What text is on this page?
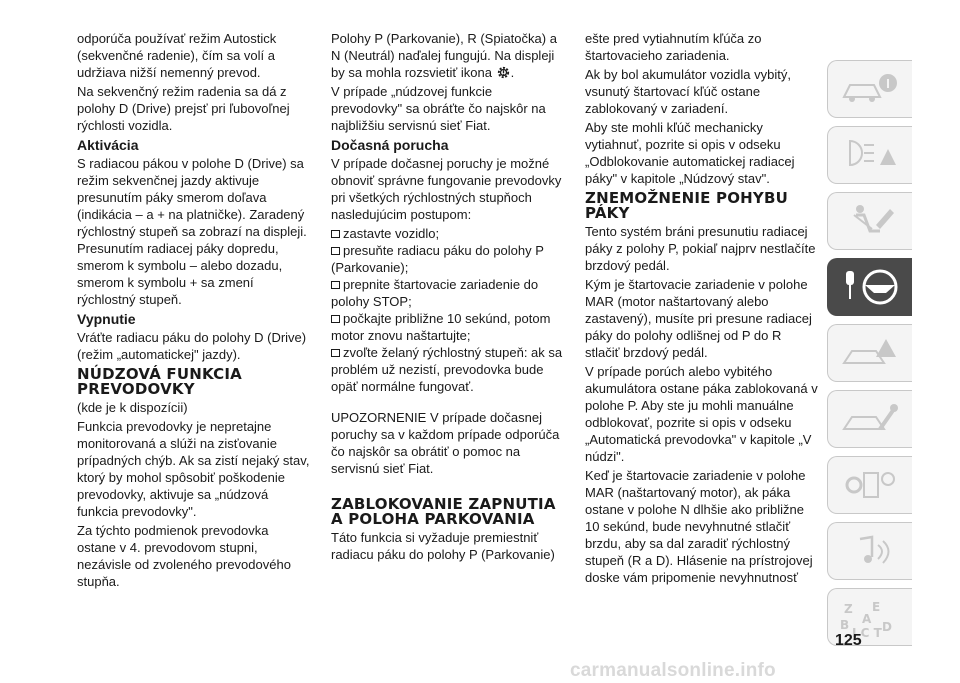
odporúča používať režim Autostick (sekvenčné radenie), čím sa volí a udržiava nižší nemenný prevod.

Na sekvenčný režim radenia sa dá z polohy D (Drive) prejsť pri ľubovoľnej rýchlosti vozidla.

Aktivácia

S radiacou pákou v polohe D (Drive) sa režim sekvenčnej jazdy aktivuje presunutím páky smerom doľava (indikácia – a + na platničke). Zaradený rýchlostný stupeň sa zobrazí na displeji. Presunutím radiacej páky dopredu, smerom k symbolu – alebo dozadu, smerom k symbolu + sa zmení rýchlostný stupeň.

Vypnutie

Vráťte radiacu páku do polohy D (Drive) (režim „automatickej" jazdy).

NÚDZOVÁ FUNKCIA PREVODOVKY

(kde je k dispozícii)

Funkcia prevodovky je nepretajne monitorovaná a slúži na zisťovanie prípadných chýb. Ak sa zistí nejaký stav, ktorý by mohol spôsobiť poškodenie prevodovky, aktivuje sa „núdzová funkcia prevodovky".

Za týchto podmienok prevodovka ostane v 4. prevodovom stupni, nezávisle od zvoleného prevodového stupňa.

Polohy P (Parkovanie), R (Spiatočka) a N (Neutrál) naďalej fungujú. Na displeji by sa mohla rozsvietiť ikona .

V prípade „núdzovej funkcie prevodovky" sa obráťte čo najskôr na najbližšiu servisnú sieť Fiat.

Dočasná porucha

V prípade dočasnej poruchy je možné obnoviť správne fungovanie prevodovky pri všetkých rýchlostných stupňoch nasledujúcim postupom:

zastavte vozidlo;
presuňte radiacu páku do polohy P (Parkovanie);
prepnite štartovacie zariadenie do polohy STOP;
počkajte približne 10 sekúnd, potom motor znovu naštartujte;
zvoľte želaný rýchlostný stupeň: ak sa problém už nezistí, prevodovka bude opäť normálne fungovať.

UPOZORNENIE V prípade dočasnej poruchy sa v každom prípade odporúča čo najskôr sa obrátiť o pomoc na servisnú sieť Fiat.

ZABLOKOVANIE ZAPNUTIA A POLOHA PARKOVANIA

Táto funkcia si vyžaduje premiestniť radiacu páku do polohy P (Parkovanie)

ešte pred vytiahnutím kľúča zo štartovacieho zariadenia.

Ak by bol akumulátor vozidla vybitý, vsunutý štartovací kľúč ostane zablokovaný v zariadení.

Aby ste mohli kľúč mechanicky vytiahnuť, pozrite si opis v odseku „Odblokovanie automatickej radiacej páky" v kapitole „Núdzový stav".

ZNEMOŽNENIE POHYBU PÁKY

Tento systém bráni presunutiu radiacej páky z polohy P, pokiaľ najprv nestlačíte brzdový pedál.

Kým je štartovacie zariadenie v polohe MAR (motor naštartovaný alebo zastavený), musíte pri presune radiacej páky do polohy odlišnej od P do R stlačiť brzdový pedál.

V prípade porúch alebo vybitého akumulátora ostane páka zablokovaná v polohe P. Aby ste ju mohli manuálne odblokovať, pozrite si opis v odseku „Automatická prevodovka" v kapitole „V núdzi".

Keď je štartovacie zariadenie v polohe MAR (naštartovaný motor), ak páka ostane v polohe N dlhšie ako približne 10 sekúnd, bude nevyhnutné stlačiť brzdu, aby sa dal zaradiť rýchlostný stupeň (R a D). Hlásenie na prístrojovej doske vám pripomenie nevyhnutnosť

Z E
B A
D
I C T
125
carmanualsonline.info
